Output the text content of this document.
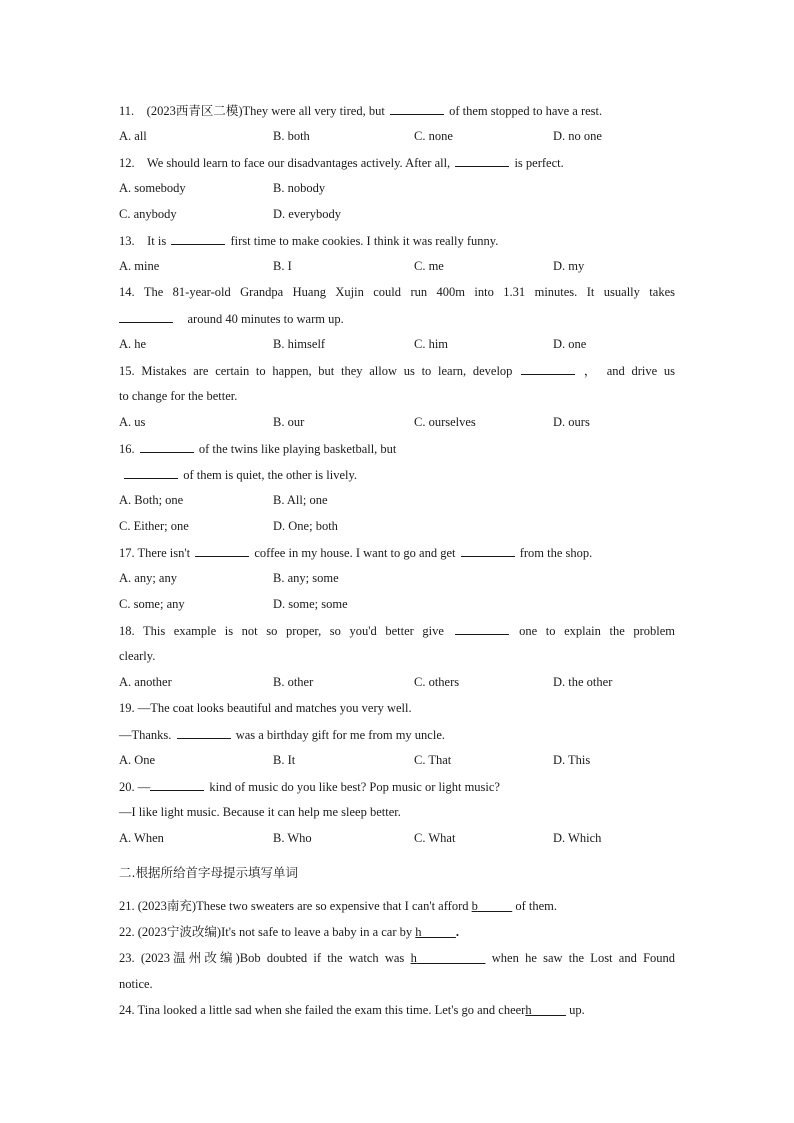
11. (2023西青区二模)They were all very tired, but	of them stopped to have a rest.
A. all	B. both	C. none	D. no one
12. We should learn to face our disadvantages actively. After all,	is perfect.
A. somebody	B. nobody
C. anybody	D. everybody
13. It is	first time to make cookies. I think it was really funny.
A. mine	B. I	C. me	D. my
14. The 81-year-old Grandpa Huang Xujin could run 400m into 1.31 minutes. It usually takes
around 40 minutes to warm up.
A. he	B. himself	C. him	D. one
15. Mistakes are certain to happen, but they allow us to learn, develop	， and drive us
to change for the better.
A. us	B. our	C. ourselves	D. ours
16.	of the twins like playing basketball, but
of them is quiet, the other is lively.
A. Both; one	B. All; one
C. Either; one	D. One; both
17. There isn't	coffee in my house. I want to go and get	from the shop.
A. any; any	B. any; some
C. some; any	D. some; some
18. This example is not so proper, so you'd better give	one to explain the problem
clearly.
A. another	B. other	C. others	D. the other
19. —The coat looks beautiful and matches you very well.
—Thanks.	was a birthday gift for me from my uncle.
A. One	B. It	C. That	D. This
20. —	kind of music do you like best? Pop music or light music?
—I like light music. Because it can help me sleep better.
A. When	B. Who	C. What	D. Which
二.根据所给首字母提示填写单词
21. (2023南充)These two sweaters are so expensive that I can't afford b	of them.
22. (2023宁波改编)It's not safe to leave a baby in a car by h	.
23. (2023温州改编)Bob doubted if the watch was h	when he saw the Lost and Found
notice.
24. Tina looked a little sad when she failed the exam this time. Let's go and cheerh	up.
